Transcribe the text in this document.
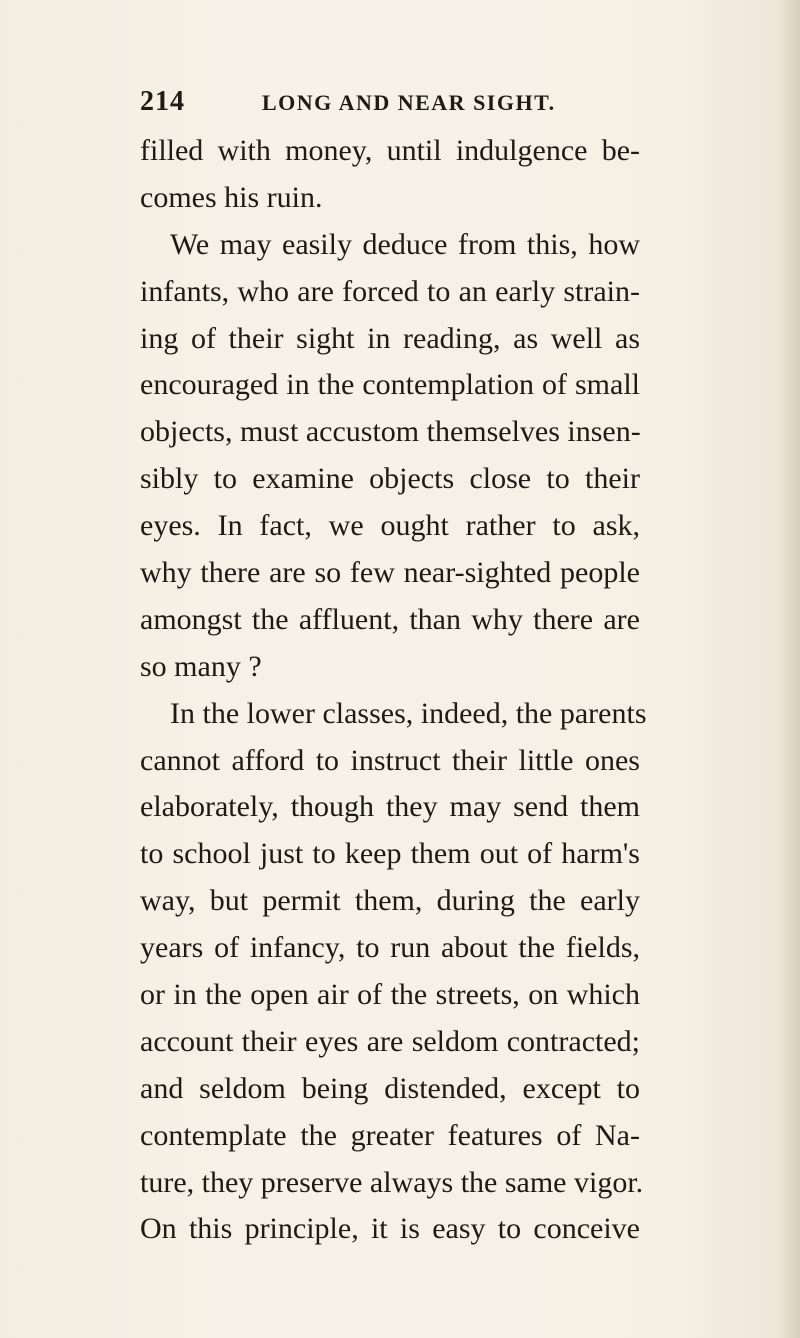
214	LONG AND NEAR SIGHT.
filled with money, until indulgence be-
comes his ruin.
We may easily deduce from this, how
infants, who are forced to an early strain-
ing of their sight in reading, as well as
encouraged in the contemplation of small
objects, must accustom themselves insen-
sibly to examine objects close to their
eyes. In fact, we ought rather to ask,
why there are so few near-sighted people
amongst the affluent, than why there are
so many ?
In the lower classes, indeed, the parents
cannot afford to instruct their little ones
elaborately, though they may send them
to school just to keep them out of harm's
way, but permit them, during the early
years of infancy, to run about the fields,
or in the open air of the streets, on which
account their eyes are seldom contracted;
and seldom being distended, except to
contemplate the greater features of Na-
ture, they preserve always the same vigor.
On this principle, it is easy to conceive
